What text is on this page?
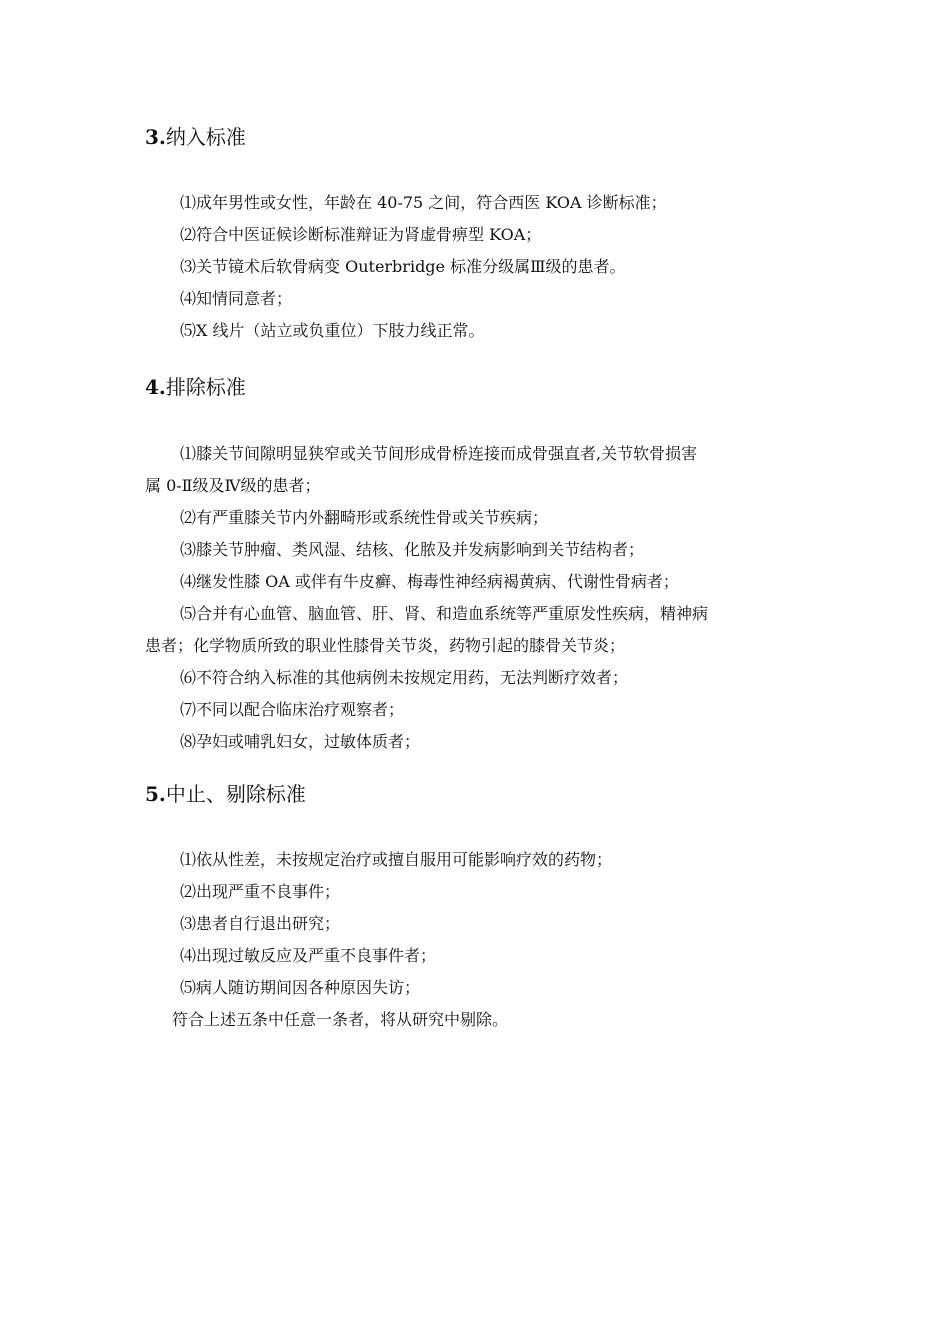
3.纳入标准

⑴成年男性或女性，年龄在 40-75 之间，符合西医 KOA 诊断标准；

⑵符合中医证候诊断标准辩证为肾虚骨痹型 KOA；

⑶关节镜术后软骨病变 Outerbridge 标准分级属Ⅲ级的患者。

⑷知情同意者；

⑸X 线片（站立或负重位）下肢力线正常。

4.排除标准

⑴膝关节间隙明显狭窄或关节间形成骨桥连接而成骨强直者,关节软骨损害

属 0-Ⅱ级及Ⅳ级的患者；

⑵有严重膝关节内外翻畸形或系统性骨或关节疾病；

⑶膝关节肿瘤、类风湿、结核、化脓及并发病影响到关节结构者；

⑷继发性膝 OA 或伴有牛皮癣、梅毒性神经病褐黄病、代谢性骨病者；

⑸合并有心血管、脑血管、肝、肾、和造血系统等严重原发性疾病，精神病

患者；化学物质所致的职业性膝骨关节炎，药物引起的膝骨关节炎；

⑹不符合纳入标准的其他病例未按规定用药，无法判断疗效者；

⑺不同以配合临床治疗观察者；

⑻孕妇或哺乳妇女，过敏体质者；

5.中止、剔除标准

⑴依从性差，未按规定治疗或擅自服用可能影响疗效的药物；

⑵出现严重不良事件；

⑶患者自行退出研究；

⑷出现过敏反应及严重不良事件者；

⑸病人随访期间因各种原因失访；

符合上述五条中任意一条者，将从研究中剔除。
